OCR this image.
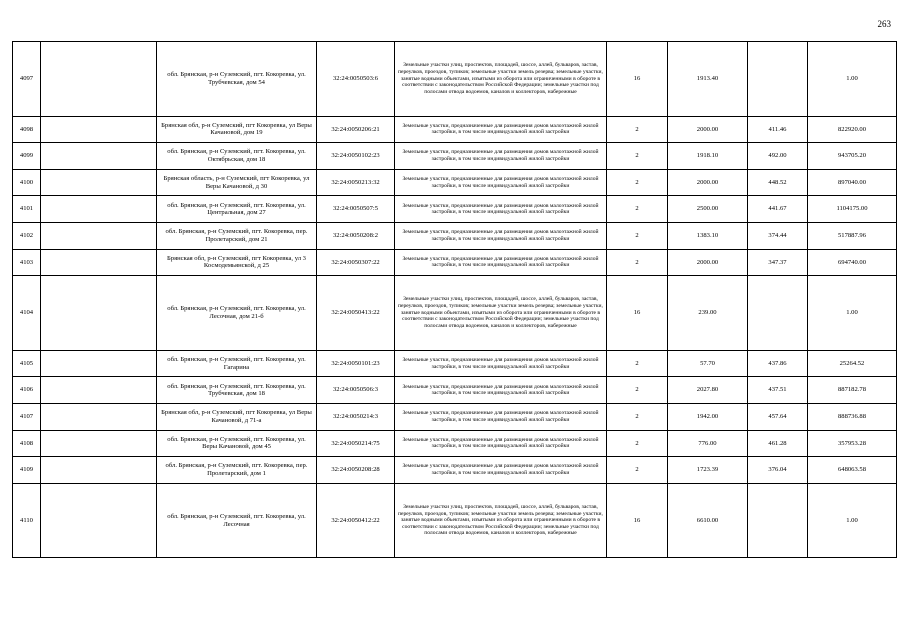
263
4097		обл. Брянская, р-н Суземский, пгт. Кокоревка, ул. Трубчевская, дом 54	32:24:0050503:6	Земельные участки улиц, проспектов, площадей, шоссе, аллей, бульваров, застав, переулков, проездов, тупиков; земельные участки земель резерва; земельные участки, занятые водными объектами, изъятыми из оборота или ограниченными в обороте в соответствии с законодательством Российской Федерации; земельные участки под полосами отвода водоемов, каналов и коллекторов, набережные	16	1913.40		1.00
4098		Брянская обл, р-н Суземский, пгт Кокоревка, ул Веры Качановой, дом 19	32:24:0050206:21	Земельные участки, предназначенные для размещения домов малоэтажной жилой застройки, в том числе индивидуальной жилой застройки	2	2000.00	411.46	822920.00
4099		обл. Брянская, р-н Суземский, пгт. Кокоревка, ул. Октябрьская, дом 18	32:24:0050102:23	Земельные участки, предназначенные для размещения домов малоэтажной жилой застройки, в том числе индивидуальной жилой застройки	2	1918.10	492.00	943705.20
4100		Брянская область, р-н Суземский, пгт Кокоревка, ул Веры Качановой, д 30	32:24:0050213:32	Земельные участки, предназначенные для размещения домов малоэтажной жилой застройки, в том числе индивидуальной жилой застройки	2	2000.00	448.52	897040.00
4101		обл. Брянская, р-н Суземский, пгт. Кокоревка, ул. Центральная, дом 27	32:24:0050507:5	Земельные участки, предназначенные для размещения домов малоэтажной жилой застройки, в том числе индивидуальной жилой застройки	2	2500.00	441.67	1104175.00
4102		обл. Брянская, р-н Суземский, пгт. Кокоревка, пер. Пролетарский, дом 21	32:24:0050208:2	Земельные участки, предназначенные для размещения домов малоэтажной жилой застройки, в том числе индивидуальной жилой застройки	2	1383.10	374.44	517887.96
4103		Брянская обл, р-н Суземский, пгт Кокоревка, ул 3 Космодемьянской, д 25	32:24:0050307:22	Земельные участки, предназначенные для размещения домов малоэтажной жилой застройки, в том числе индивидуальной жилой застройки	2	2000.00	347.37	694740.00
4104		обл. Брянская, р-н Суземский, пгт. Кокоревка, ул. Лесочная, дом 21-б	32:24:0050413:22	Земельные участки улиц, проспектов, площадей, шоссе, аллей, бульваров, застав, переулков, проездов, тупиков; земельные участки земель резерва; земельные участки, занятые водными объектами, изъятыми из оборота или ограниченными в обороте в соответствии с законодательством Российской Федерации; земельные участки под полосами отвода водоемов, каналов и коллекторов, набережные	16	239.00		1.00
4105		обл. Брянская, р-н Суземский, пгт. Кокоревка, ул. Гагарина	32:24:0050101:23	Земельные участки, предназначенные для размещения домов малоэтажной жилой застройки, в том числе индивидуальной жилой застройки	2	57.70	437.86	25264.52
4106		обл. Брянская, р-н Суземский, пгт. Кокоревка, ул. Трубчевская, дом 18	32:24:0050506:3	Земельные участки, предназначенные для размещения домов малоэтажной жилой застройки, в том числе индивидуальной жилой застройки	2	2027.80	437.51	887182.78
4107		Брянская обл, р-н Суземский, пгт Кокоревка, ул Веры Качановой, д 71-а	32:24:0050214:3	Земельные участки, предназначенные для размещения домов малоэтажной жилой застройки, в том числе индивидуальной жилой застройки	2	1942.00	457.64	888736.88
4108		обл. Брянская, р-н Суземский, пгт. Кокоревка, ул. Веры Качановой, дом 45	32:24:0050214:75	Земельные участки, предназначенные для размещения домов малоэтажной жилой застройки, в том числе индивидуальной жилой застройки	2	776.00	461.28	357953.28
4109		обл. Брянская, р-н Суземский, пгт. Кокоревка, пер. Пролетарский, дом 1	32:24:0050208:28	Земельные участки, предназначенные для размещения домов малоэтажной жилой застройки, в том числе индивидуальной жилой застройки	2	1723.39	376.04	648063.58
4110		обл. Брянская, р-н Суземский, пгт. Кокоревка, ул. Лесочная	32:24:0050412:22	Земельные участки улиц, проспектов, площадей, шоссе, аллей, бульваров, застав, переулков, проездов, тупиков; земельные участки земель резерва; земельные участки, занятые водными объектами, изъятыми из оборота или ограниченными в обороте в соответствии с законодательством Российской Федерации; земельные участки под полосами отвода водоемов, каналов и коллекторов, набережные	16	6610.00		1.00
